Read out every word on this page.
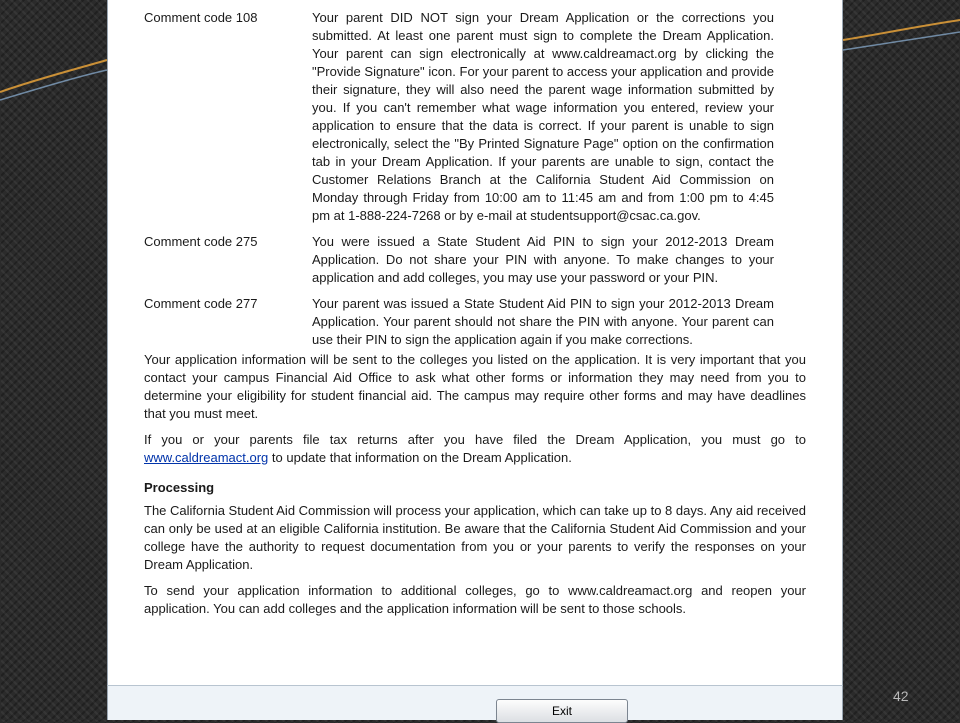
Comment code 108	Your parent DID NOT sign your Dream Application or the corrections you submitted. At least one parent must sign to complete the Dream Application. Your parent can sign electronically at www.caldreamact.org by clicking the "Provide Signature" icon. For your parent to access your application and provide their signature, they will also need the parent wage information submitted by you. If you can't remember what wage information you entered, review your application to ensure that the data is correct. If your parent is unable to sign electronically, select the "By Printed Signature Page" option on the confirmation tab in your Dream Application. If your parents are unable to sign, contact the Customer Relations Branch at the California Student Aid Commission on Monday through Friday from 10:00 am to 11:45 am and from 1:00 pm to 4:45 pm at 1-888-224-7268 or by e-mail at studentsupport@csac.ca.gov.
Comment code 275	You were issued a State Student Aid PIN to sign your 2012-2013 Dream Application. Do not share your PIN with anyone. To make changes to your application and add colleges, you may use your password or your PIN.
Comment code 277	Your parent was issued a State Student Aid PIN to sign your 2012-2013 Dream Application. Your parent should not share the PIN with anyone. Your parent can use their PIN to sign the application again if you make corrections.

Your application information will be sent to the colleges you listed on the application. It is very important that you contact your campus Financial Aid Office to ask what other forms or information they may need from you to determine your eligibility for student financial aid. The campus may require other forms and may have deadlines that you must meet.

If you or your parents file tax returns after you have filed the Dream Application, you must go to www.caldreamact.org to update that information on the Dream Application.

Processing

The California Student Aid Commission will process your application, which can take up to 8 days. Any aid received can only be used at an eligible California institution. Be aware that the California Student Aid Commission and your college have the authority to request documentation from you or your parents to verify the responses on your Dream Application.

To send your application information to additional colleges, go to www.caldreamact.org and reopen your application. You can add colleges and the application information will be sent to those schools.

Exit
42
